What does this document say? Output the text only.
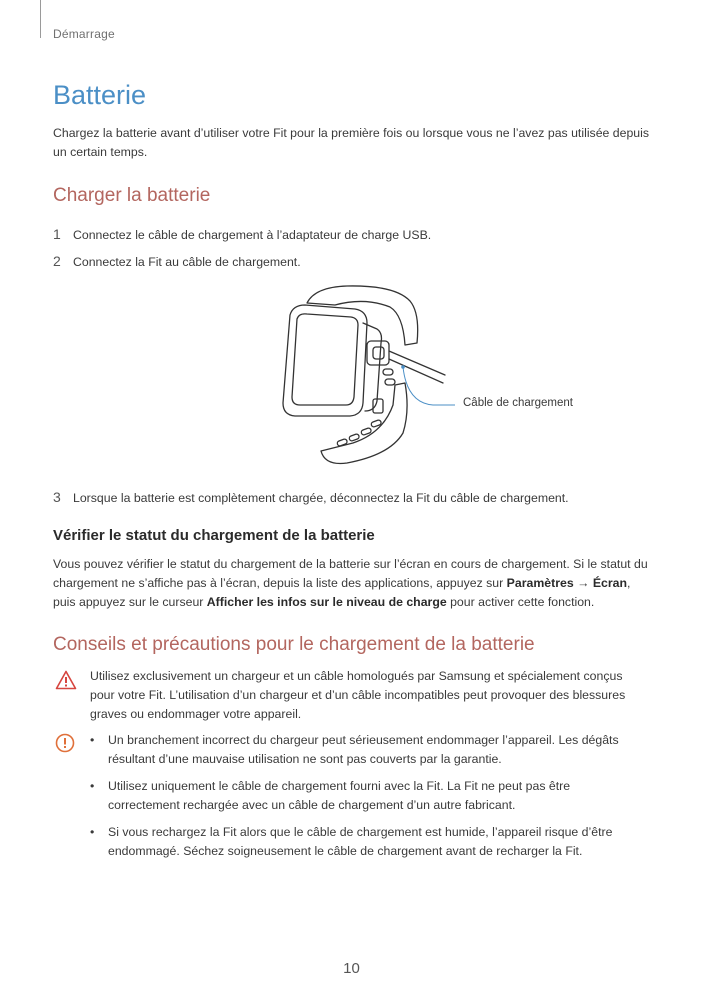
Démarrage
Batterie

Chargez la batterie avant d’utiliser votre Fit pour la première fois ou lorsque vous ne l’avez pas utilisée depuis un certain temps.

Charger la batterie
1 Connectez le câble de chargement à l’adaptateur de charge USB.
2 Connectez la Fit au câble de chargement.
Câble de chargement
3 Lorsque la batterie est complètement chargée, déconnectez la Fit du câble de chargement.
Vérifier le statut du chargement de la batterie

Vous pouvez vérifier le statut du chargement de la batterie sur l’écran en cours de chargement. Si le statut du chargement ne s’affiche pas à l’écran, depuis la liste des applications, appuyez sur Paramètres → Écran, puis appuyez sur le curseur Afficher les infos sur le niveau de charge pour activer cette fonction.

Conseils et précautions pour le chargement de la batterie

Utilisez exclusivement un chargeur et un câble homologués par Samsung et spécialement conçus pour votre Fit. L’utilisation d’un chargeur et d’un câble incompatibles peut provoquer des blessures graves ou endommager votre appareil.

• Un branchement incorrect du chargeur peut sérieusement endommager l’appareil. Les dégâts résultant d’une mauvaise utilisation ne sont pas couverts par la garantie.
• Utilisez uniquement le câble de chargement fourni avec la Fit. La Fit ne peut pas être correctement rechargée avec un câble de chargement d’un autre fabricant.
• Si vous rechargez la Fit alors que le câble de chargement est humide, l’appareil risque d’être endommagé. Séchez soigneusement le câble de chargement avant de recharger la Fit.
10
